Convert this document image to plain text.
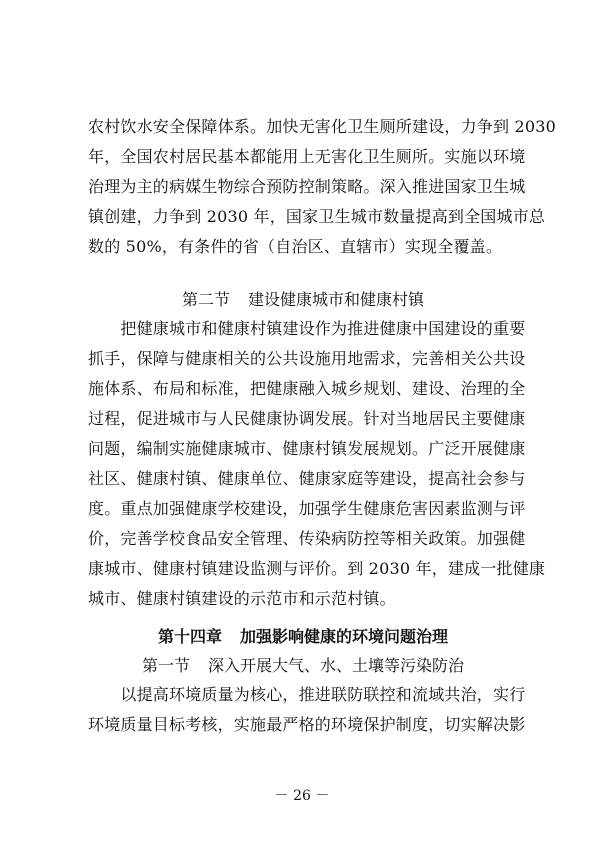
农村饮水安全保障体系。加快无害化卫生厕所建设，力争到 2030
年，全国农村居民基本都能用上无害化卫生厕所。实施以环境
治理为主的病媒生物综合预防控制策略。深入推进国家卫生城
镇创建，力争到 2030 年，国家卫生城市数量提高到全国城市总
数的 50%，有条件的省（自治区、直辖市）实现全覆盖。
第二节 建设健康城市和健康村镇
　　把健康城市和健康村镇建设作为推进健康中国建设的重要
抓手，保障与健康相关的公共设施用地需求，完善相关公共设
施体系、布局和标准，把健康融入城乡规划、建设、治理的全
过程，促进城市与人民健康协调发展。针对当地居民主要健康
问题，编制实施健康城市、健康村镇发展规划。广泛开展健康
社区、健康村镇、健康单位、健康家庭等建设，提高社会参与
度。重点加强健康学校建设，加强学生健康危害因素监测与评
价，完善学校食品安全管理、传染病防控等相关政策。加强健
康城市、健康村镇建设监测与评价。到 2030 年，建成一批健康
城市、健康村镇建设的示范市和示范村镇。
第十四章 加强影响健康的环境问题治理
第一节 深入开展大气、水、土壤等污染防治
　　以提高环境质量为核心，推进联防联控和流域共治，实行
环境质量目标考核，实施最严格的环境保护制度，切实解决影
－ 26 －
